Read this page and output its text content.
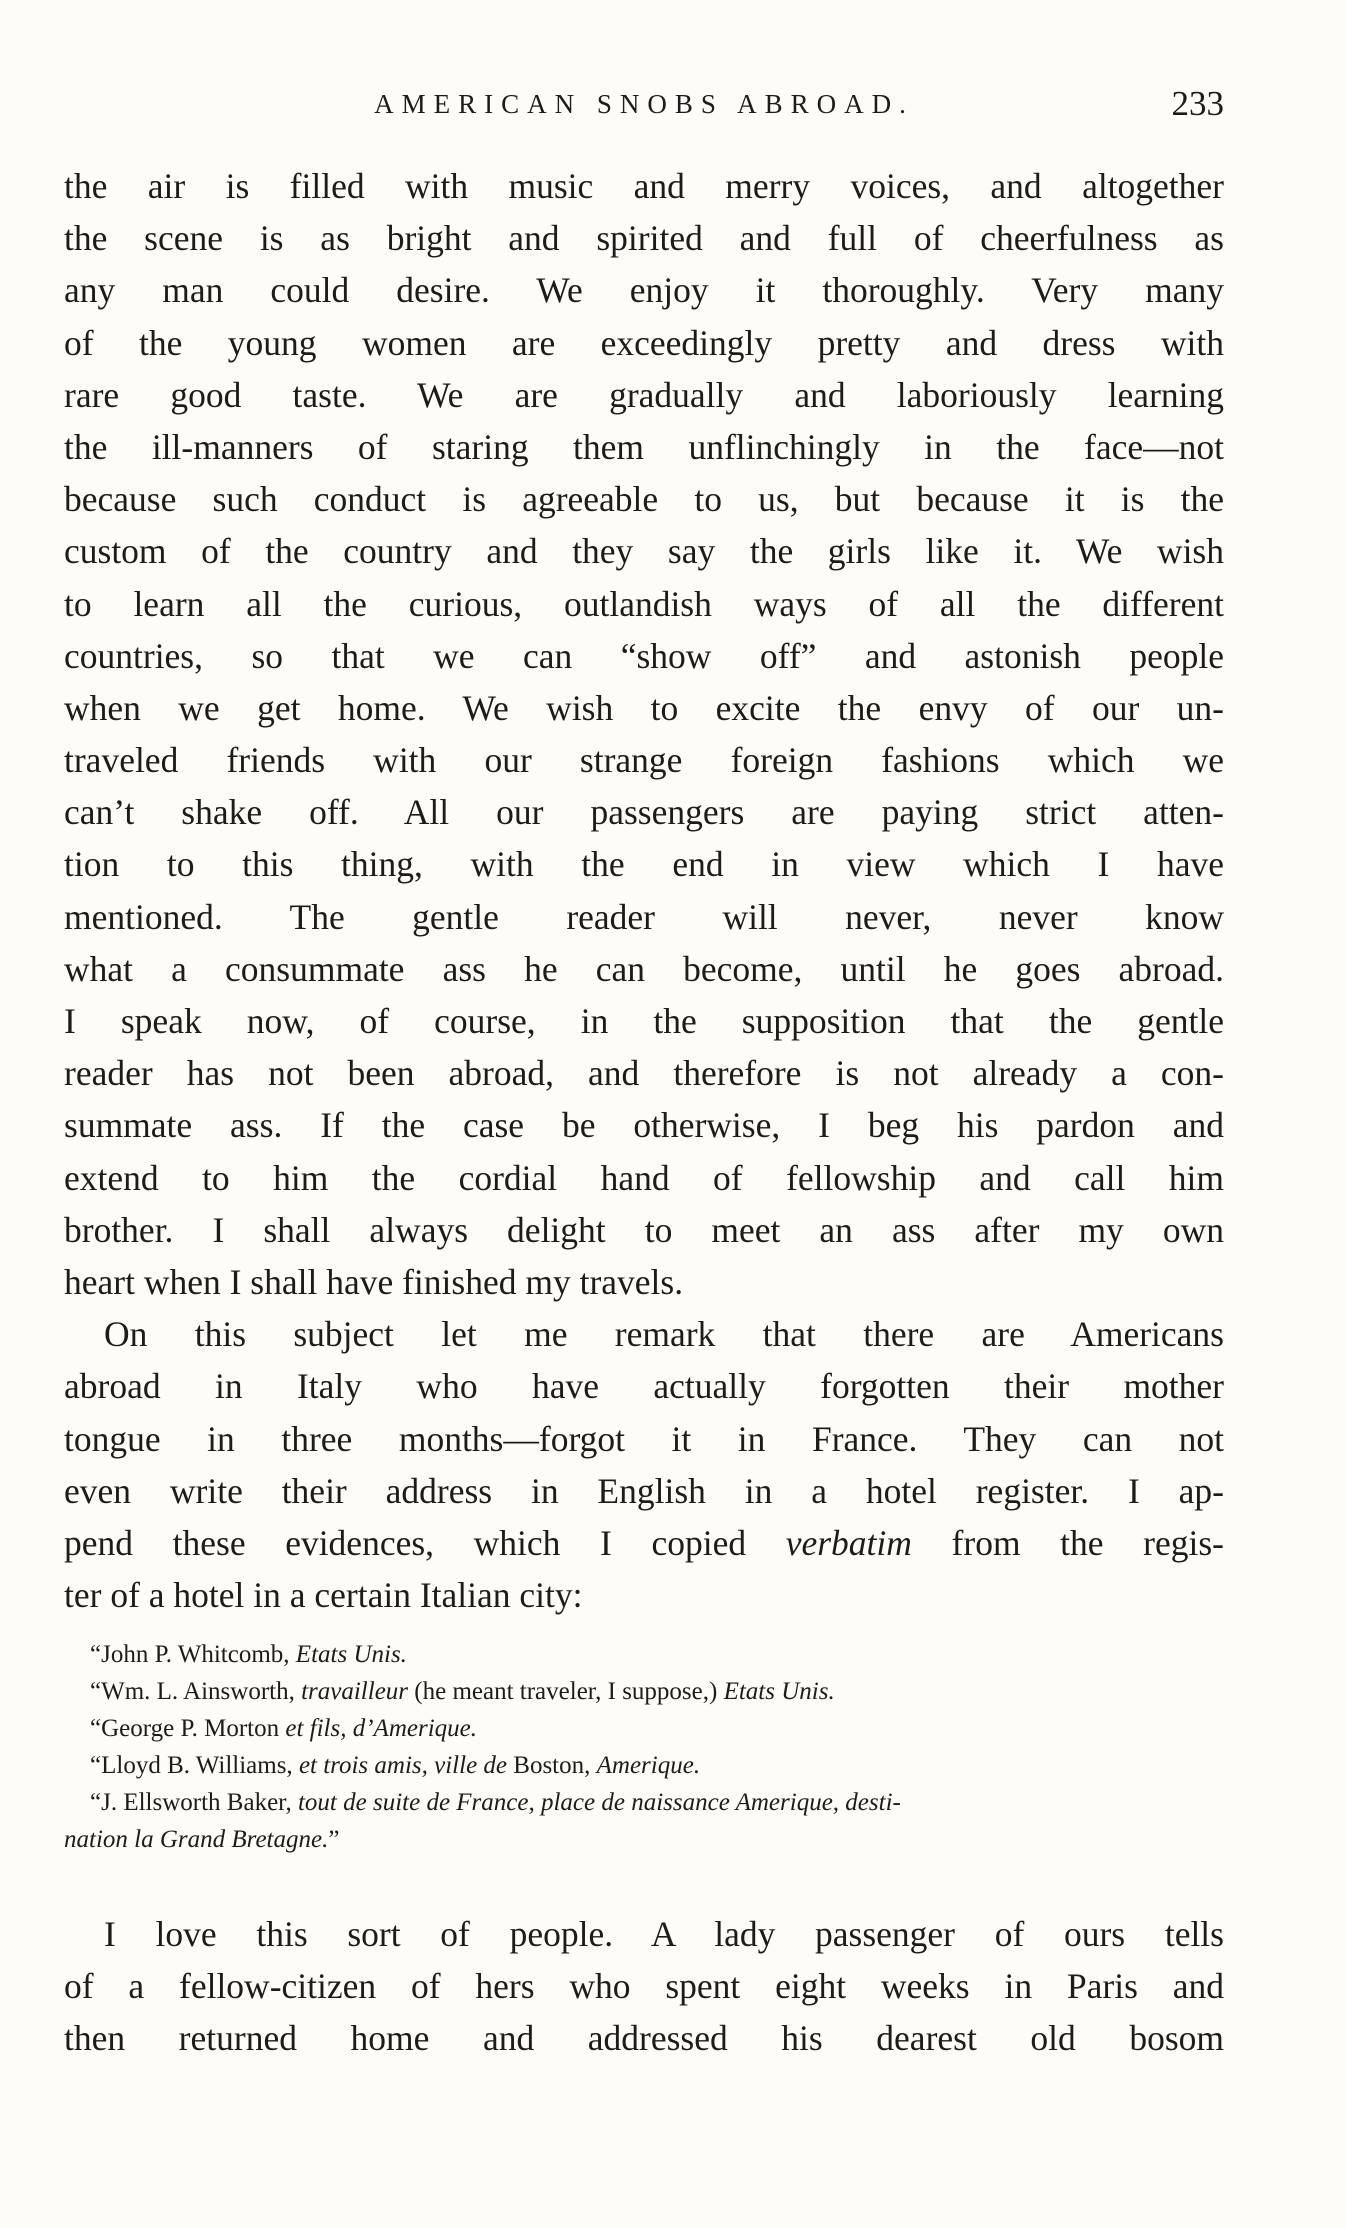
AMERICAN SNOBS ABROAD.	233
the air is filled with music and merry voices, and altogether
the scene is as bright and spirited and full of cheerfulness as
any man could desire. We enjoy it thoroughly. Very many
of the young women are exceedingly pretty and dress with
rare good taste. We are gradually and laboriously learning
the ill-manners of staring them unflinchingly in the face—not
because such conduct is agreeable to us, but because it is the
custom of the country and they say the girls like it. We wish
to learn all the curious, outlandish ways of all the different
countries, so that we can “show off” and astonish people
when we get home. We wish to excite the envy of our un-
traveled friends with our strange foreign fashions which we
can’t shake off. All our passengers are paying strict atten-
tion to this thing, with the end in view which I have
mentioned. The gentle reader will never, never know
what a consummate ass he can become, until he goes abroad.
I speak now, of course, in the supposition that the gentle
reader has not been abroad, and therefore is not already a con-
summate ass. If the case be otherwise, I beg his pardon and
extend to him the cordial hand of fellowship and call him
brother. I shall always delight to meet an ass after my own
heart when I shall have finished my travels.
On this subject let me remark that there are Americans
abroad in Italy who have actually forgotten their mother
tongue in three months—forgot it in France. They can not
even write their address in English in a hotel register. I ap-
pend these evidences, which I copied verbatim from the regis-
ter of a hotel in a certain Italian city:
“John P. Whitcomb, Etats Unis.
“Wm. L. Ainsworth, travailleur (he meant traveler, I suppose,) Etats Unis.
“George P. Morton et fils, d’Amerique.
“Lloyd B. Williams, et trois amis, ville de Boston, Amerique.
“J. Ellsworth Baker, tout de suite de France, place de naissance Amerique, desti-
nation la Grand Bretagne.”
I love this sort of people. A lady passenger of ours tells
of a fellow-citizen of hers who spent eight weeks in Paris and
then returned home and addressed his dearest old bosom
